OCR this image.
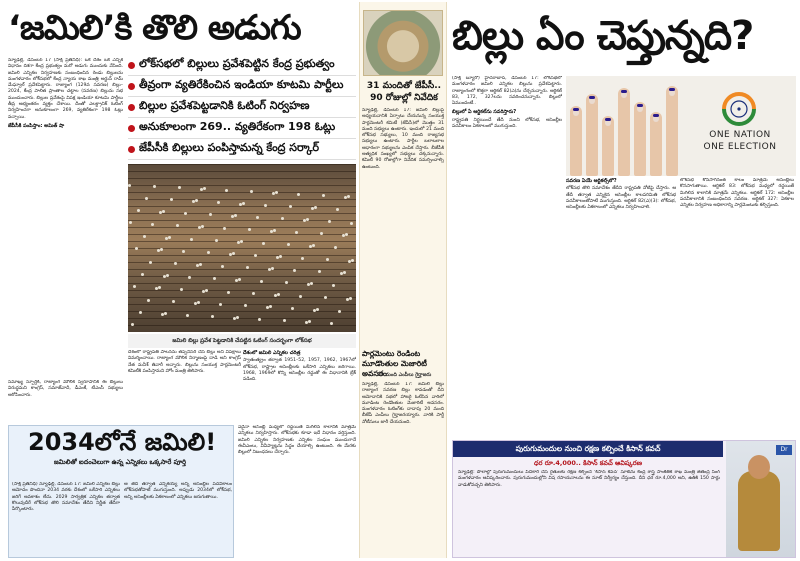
‘జమిలి’కి తొలి అడుగు
లోక్‌సభలో బిల్లులు ప్రవేశపెట్టిన కేంద్ర ప్రభుత్వం
తీవ్రంగా వ్యతిరేకించిన ఇండియా కూటమి పార్టీలు
బిల్లుల ప్రవేశపెట్టడానికి ఓటింగ్ నిర్వహణ
అనుకూలంగా 269.. వ్యతిరేకంగా 198 ఓట్లు
జేపీసీకి బిల్లులు పంపిస్తామన్న కేంద్ర సర్కార్

న్యూఢిల్లీ, డిసెంబర్ 17 (సాక్షి ప్రతినిధి): ఒకే దేశం ఒకే ఎన్నిక విధానం దిశగా కేంద్ర ప్రభుత్వం మరో అడుగు ముందుకు వేసింది. జమిలి ఎన్నికల నిర్వహణకు సంబంధించిన రెండు బిల్లులను మంగళవారం లోక్‌సభలో కేంద్ర న్యాయ శాఖ మంత్రి అర్జున్ రామ్ మేఘ్వాల్ ప్రవేశపెట్టారు. రాజ్యాంగ (129వ సవరణ) బిల్లు–2024, కేంద్ర పాలిత ప్రాంతాల చట్టాల (సవరణ) బిల్లును సభ ముందుంచారు. బిల్లుల ప్రవేశంపై విపక్ష ఇండియా కూటమి పార్టీలు తీవ్ర అభ్యంతరం వ్యక్తం చేశాయి. దీంతో ఎలక్ట్రానిక్ ఓటింగ్ నిర్వహించగా అనుకూలంగా 269, వ్యతిరేకంగా 198 ఓట్లు వచ్చాయి.

జేపీసీకి పంపిస్తాం: అమిత్ షా

సమాఖ్య స్ఫూర్తికి, రాజ్యాంగ మౌలిక స్వరూపానికి ఈ బిల్లులు విరుద్ధమని కాంగ్రెస్, సమాజ్‌వాదీ, డీఎంకే, టీఎంసీ సభ్యులు ఆరోపించారు.

జమిలి బిల్లు ప్రవేశ పెట్టడానికి చేపట్టిన ఓటింగ్ సందర్భంగా లోక్‌సభ

దేశంలో రాష్ట్రపతి పాలనను తప్పనిసరి చేసే బిల్లు అని విపక్షాలు విమర్శించాయి. రాజ్యాంగ మౌలిక నిర్మాణంపై దాడి అని కాంగ్రెస్ నేత మనీశ్ తివారీ అన్నారు. బిల్లును సంయుక్త పార్లమెంటరీ కమిటీకి పంపిస్తామని హోం మంత్రి తెలిపారు.

దేశంలో జమిలి ఎన్నికల చరిత్ర

స్వాతంత్య్రం తర్వాత 1951–52, 1957, 1962, 1967లో లోక్‌సభ, రాష్ట్రాల అసెంబ్లీలకు ఒకేసారి ఎన్నికలు జరిగాయి. 1968, 1969లో కొన్ని అసెంబ్లీల రద్దుతో ఈ విధానానికి బ్రేక్ పడింది.

2034లోనే జమిలి!
జమిలితో ఐదంచెలుగా ఉన్న ఎన్నికలు ఒక్కసారే పూర్తి

(సాక్షి ప్రతినిధి) న్యూఢిల్లీ, డిసెంబర్ 17: జమిలి ఎన్నికల బిల్లు ఆమోదం పొందినా 2034 వరకు దేశంలో ఒకేసారి ఎన్నికలు జరిగే అవకాశం లేదు. 2029 సార్వత్రిక ఎన్నికల తర్వాత కొలువుదీరే లోక్‌సభ తొలి సమావేశం తేదీని నిర్ణీత తేదీగా పేర్కొంటారు.

ఆ తేదీ తర్వాత ఎన్నికయ్యే అన్ని అసెంబ్లీల పదవీకాలం లోక్‌సభతోపాటే ముగుస్తుంది. అప్పుడు 2034లో లోక్‌సభ, అన్ని అసెంబ్లీలకు ఏకకాలంలో ఎన్నికలు జరుగుతాయి.

ఏదైనా అసెంబ్లీ మధ్యలో రద్దయితే మిగిలిన కాలానికి మాత్రమే ఎన్నికలు నిర్వహిస్తారు. లోక్‌సభకు కూడా ఇదే విధానం వర్తిస్తుంది. జమిలి ఎన్నికల నిర్వహణకు ఎన్నికల సంఘం ముందుగానే ఈవీఎంలు, వీవీప్యాట్లను సిద్ధం చేయాల్సి ఉంటుంది. ఈ మేరకు బిల్లులో నిబంధనలు చేర్చారు.

31 మందితో జేపీసీ.. 90 రోజుల్లో నివేదిక

న్యూఢిల్లీ, డిసెంబర్ 17: జమిలి బిల్లుపై అధ్యయనానికి ఏర్పాటు చేయనున్న సంయుక్త పార్లమెంటరీ కమిటీ (జేపీసీ)లో మొత్తం 31 మంది సభ్యులు ఉంటారు. ఇందులో 21 మంది లోక్‌సభ సభ్యులు, 10 మంది రాజ్యసభ సభ్యులు ఉంటారు. పార్టీల బలాబలాల ఆధారంగా సభ్యులను ఎంపిక చేస్తారు. బీజేపీకి అత్యధిక సంఖ్యలో సభ్యులు దక్కనున్నారు. కమిటీ 90 రోజుల్లోగా నివేదిక సమర్పించాల్సి ఉంటుంది.

పార్లమెంటు రెండింట మూడొంతుల మెజారిటీ అవసరం
20 మంది ఎంపీలు గైర్హాజరు

న్యూఢిల్లీ, డిసెంబర్ 17: జమిలి బిల్లు రాజ్యాంగ సవరణ బిల్లు కావడంతో దీని ఆమోదానికి సభలో హాజరై ఓటేసిన వారిలో మూడింట రెండొంతుల మెజారిటీ అవసరం. మంగళవారం ఓటింగ్‌కు దాదాపు 20 మంది బీజేపీ ఎంపీలు గైర్హాజరయ్యారు. వారికి పార్టీ నోటీసులు జారీ చేయనుంది.

బిల్లు ఏం చెప్తున్నది?

(సాక్షి బ్యూరో) హైదరాబాద్, డిసెంబర్ 17: లోక్‌సభలో మంగళవారం జమిలి ఎన్నికల బిల్లును ప్రవేశపెట్టారు. రాజ్యాంగంలో కొత్తగా ఆర్టికల్ 82(ఎ)ను చేర్చనున్నారు. ఆర్టికల్ 83, 172, 327లను సవరించనున్నారు. బిల్లులో ఏముందంటే..

బిల్లులో ఏ ఆర్టికల్‌ను సవరిస్తారు?

రాష్ట్రపతి నిర్ణయించే తేదీ నుంచి లోక్‌సభ, అసెంబ్లీల పదవీకాలం ఏకకాలంలో ముగుస్తుంది.

ONE NATION
ONE ELECTION

సవరణ ఏయే ఆర్టికల్స్‌లో?

లోక్‌సభ తొలి సమావేశం తేదీని రాష్ట్రపతి నోటిఫై చేస్తారు. ఆ తేదీ తర్వాత ఎన్నికైన అసెంబ్లీల కాలపరిమితి లోక్‌సభ పదవీకాలంతోపాటే ముగుస్తుంది. ఆర్టికల్ 82(ఎ)(3): లోక్‌సభ, అసెంబ్లీలకు ఏకకాలంలో ఎన్నికలు నిర్వహించాలి.

లోక్‌సభ కొనసాగినంత కాలం మాత్రమే అసెంబ్లీలు కొనసాగుతాయి. ఆర్టికల్ 83: లోక్‌సభ మధ్యలో రద్దయితే మిగిలిన కాలానికి మాత్రమే ఎన్నికలు. ఆర్టికల్ 172: అసెంబ్లీల పదవీకాలానికి సంబంధించిన సవరణ. ఆర్టికల్ 327: ఏకకాల ఎన్నికల నిర్వహణ అధికారాన్ని పార్లమెంటుకు కల్పిస్తుంది.

పురుగుమందుల నుంచి రక్షణ కల్పించే కిసాన్ కవచ్
ధర రూ.4,000.. కిసాన్ కవచ్ ఆవిష్కరణ

న్యూఢిల్లీ: పొలాల్లో పురుగుమందులు పిచికారీ చేసే రైతులకు రక్షణ కల్పించే ‘కిసాన్ కవచ్’ సూట్‌ను కేంద్ర శాస్త్ర సాంకేతిక శాఖ మంత్రి జితేంద్ర సింగ్ మంగళవారం ఆవిష్కరించారు. పురుగుమందుల్లోని విష రసాయనాలను ఈ సూట్ నిర్వీర్యం చేస్తుంది. దీని ధర రూ.4,000 అని, ఉతికి 150 సార్లు వాడుకోవచ్చని తెలిపారు.

Dr
